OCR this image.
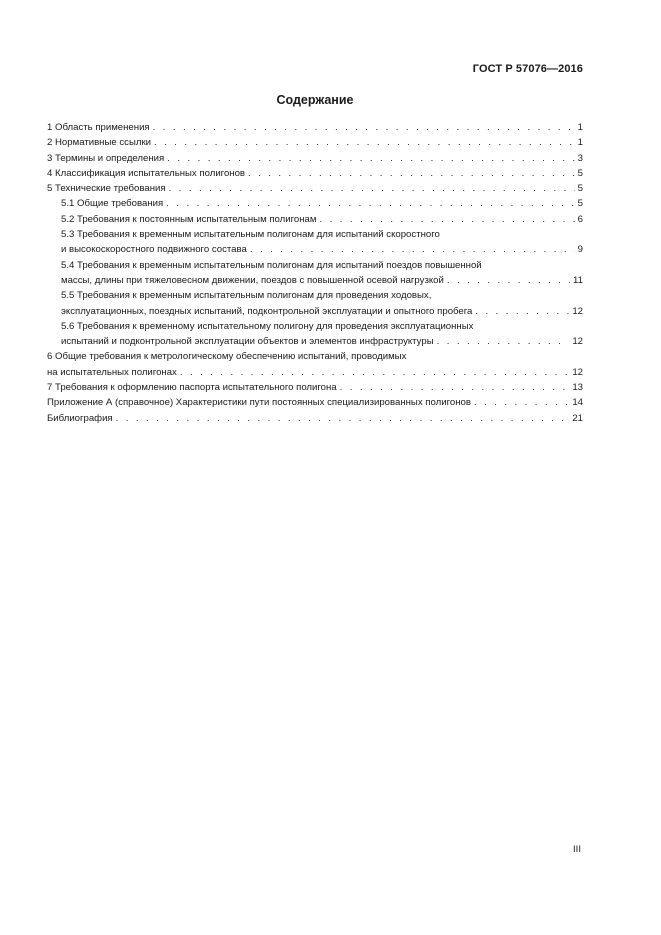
ГОСТ Р 57076—2016
Содержание
1 Область применения . . .	1
2 Нормативные ссылки . . .	1
3 Термины и определения . . .	3
4 Классификация испытательных полигонов . . .	5
5 Технические требования . . .	5
5.1 Общие требования . . .	5
5.2 Требования к постоянным испытательным полигонам . . .	6
5.3 Требования к временным испытательным полигонам для испытаний скоростного
и высокоскоростного подвижного состава . . .	9
5.4 Требования к временным испытательным полигонам для испытаний поездов повышенной
массы, длины при тяжеловесном движении, поездов с повышенной осевой нагрузкой . . .	11
5.5 Требования к временным испытательным полигонам для проведения ходовых,
эксплуатационных, поездных испытаний, подконтрольной эксплуатации и опытного пробега . . .	12
5.6 Требования к временному испытательному полигону для проведения эксплуатационных
испытаний и подконтрольной эксплуатации объектов и элементов инфраструктуры . . .	12
6 Общие требования к метрологическому обеспечению испытаний, проводимых
на испытательных полигонах . . .	12
7 Требования к оформлению паспорта испытательного полигона . . .	13
Приложение А (справочное) Характеристики пути постоянных специализированных полигонов . . .	14
Библиография . . .	21
III
